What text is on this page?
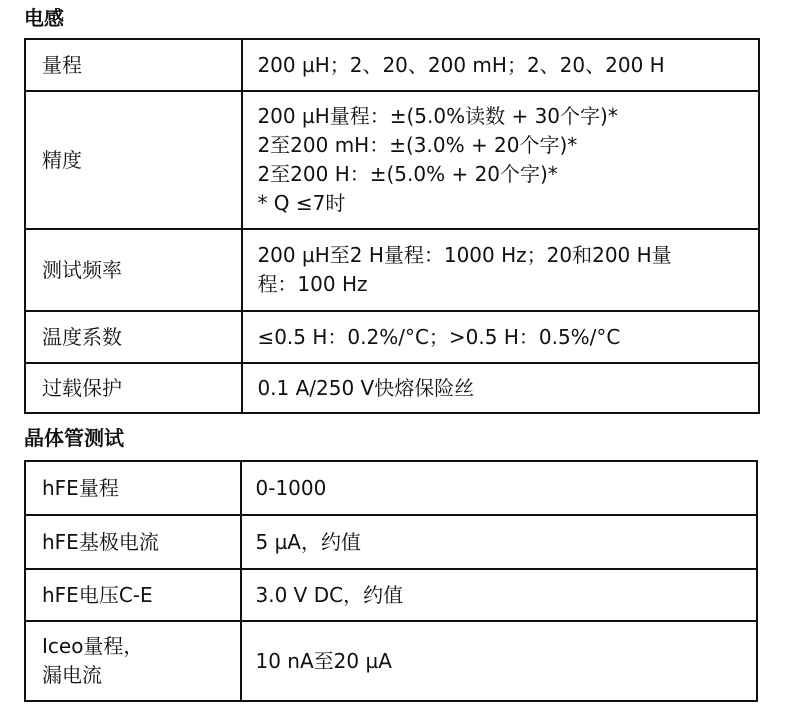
电感
量程	200 µH；2、20、200 mH；2、20、200 H

精度	200 µH量程：±(5.0%读数 + 30个字)*
2至200 mH：±(3.0% + 20个字)*
2至200 H：±(5.0% + 20个字)*
* Q ≤7时

测试频率	200 µH至2 H量程：1000 Hz；20和200 H量
程：100 Hz

温度系数	≤0.5 H：0.2%/°C；>0.5 H：0.5%/°C

过载保护	0.1 A/250 V快熔保险丝
晶体管测试
hFE量程	0-1000

hFE基极电流	5 µA，约值

hFE电压C-E	3.0 V DC，约值

Iceo量程，
漏电流	10 nA至20 µA
